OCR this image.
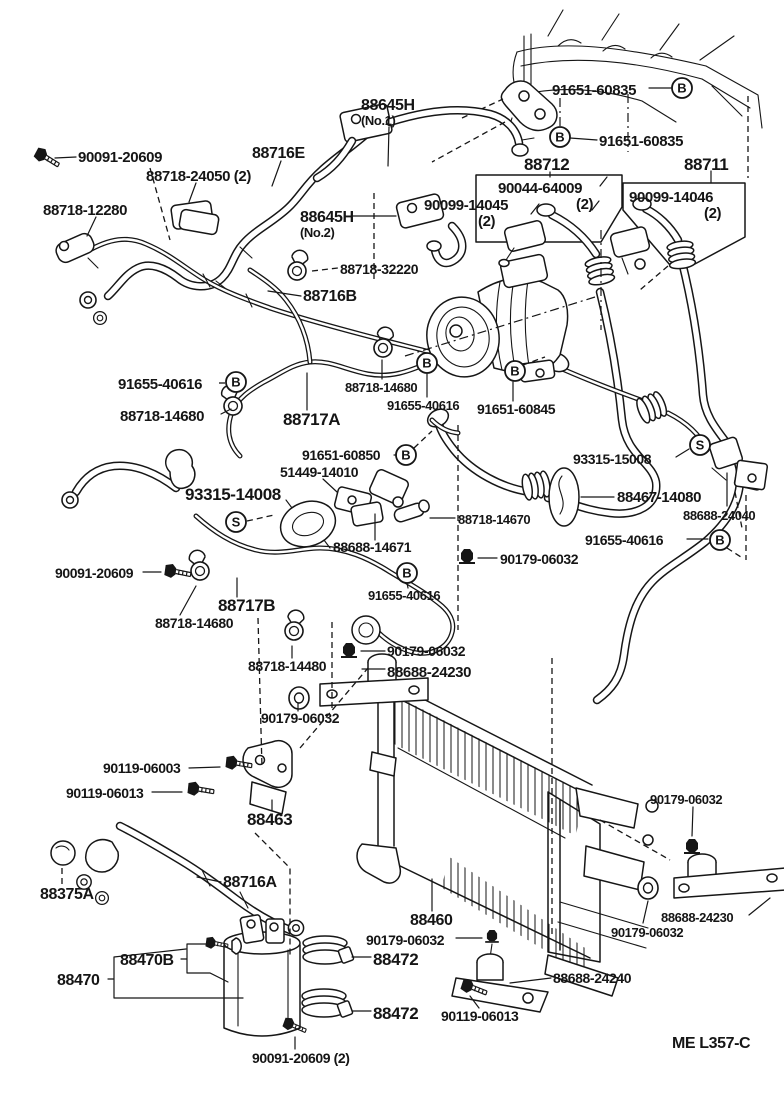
ME L357-C
90091-20609
88718-24050 (2)
88716E
88645H
(No.1)
91651-60835
91651-60835
88712	88711
90044-64009
(2)
90099-14045
(2)
90099-14046
(2)
88718-12280	88645H
(No.2)
88718-32220
88716B
91655-40616
88718-14680	88717A
88718-14680
91655-40616 91651-60845
91651-60850
51449-14010
93315-14008
93315-15008
88467-14080
88688-24040
88718-14670
88688-14671	91655-40616
90179-06032
90091-20609
91655-40616
88717B
88718-14680
90179-06032
88688-24230
88718-14480
90179-06032
90119-06003
90119-06013
88463
90179-06032
88375A
88716A
88688-24230
90179-06032
88460
90179-06032
88472
88470B
88470
88472
88688-24240
90119-06013
90091-20609 (2)
B
B
B
B
B
B
B
B
S
S
